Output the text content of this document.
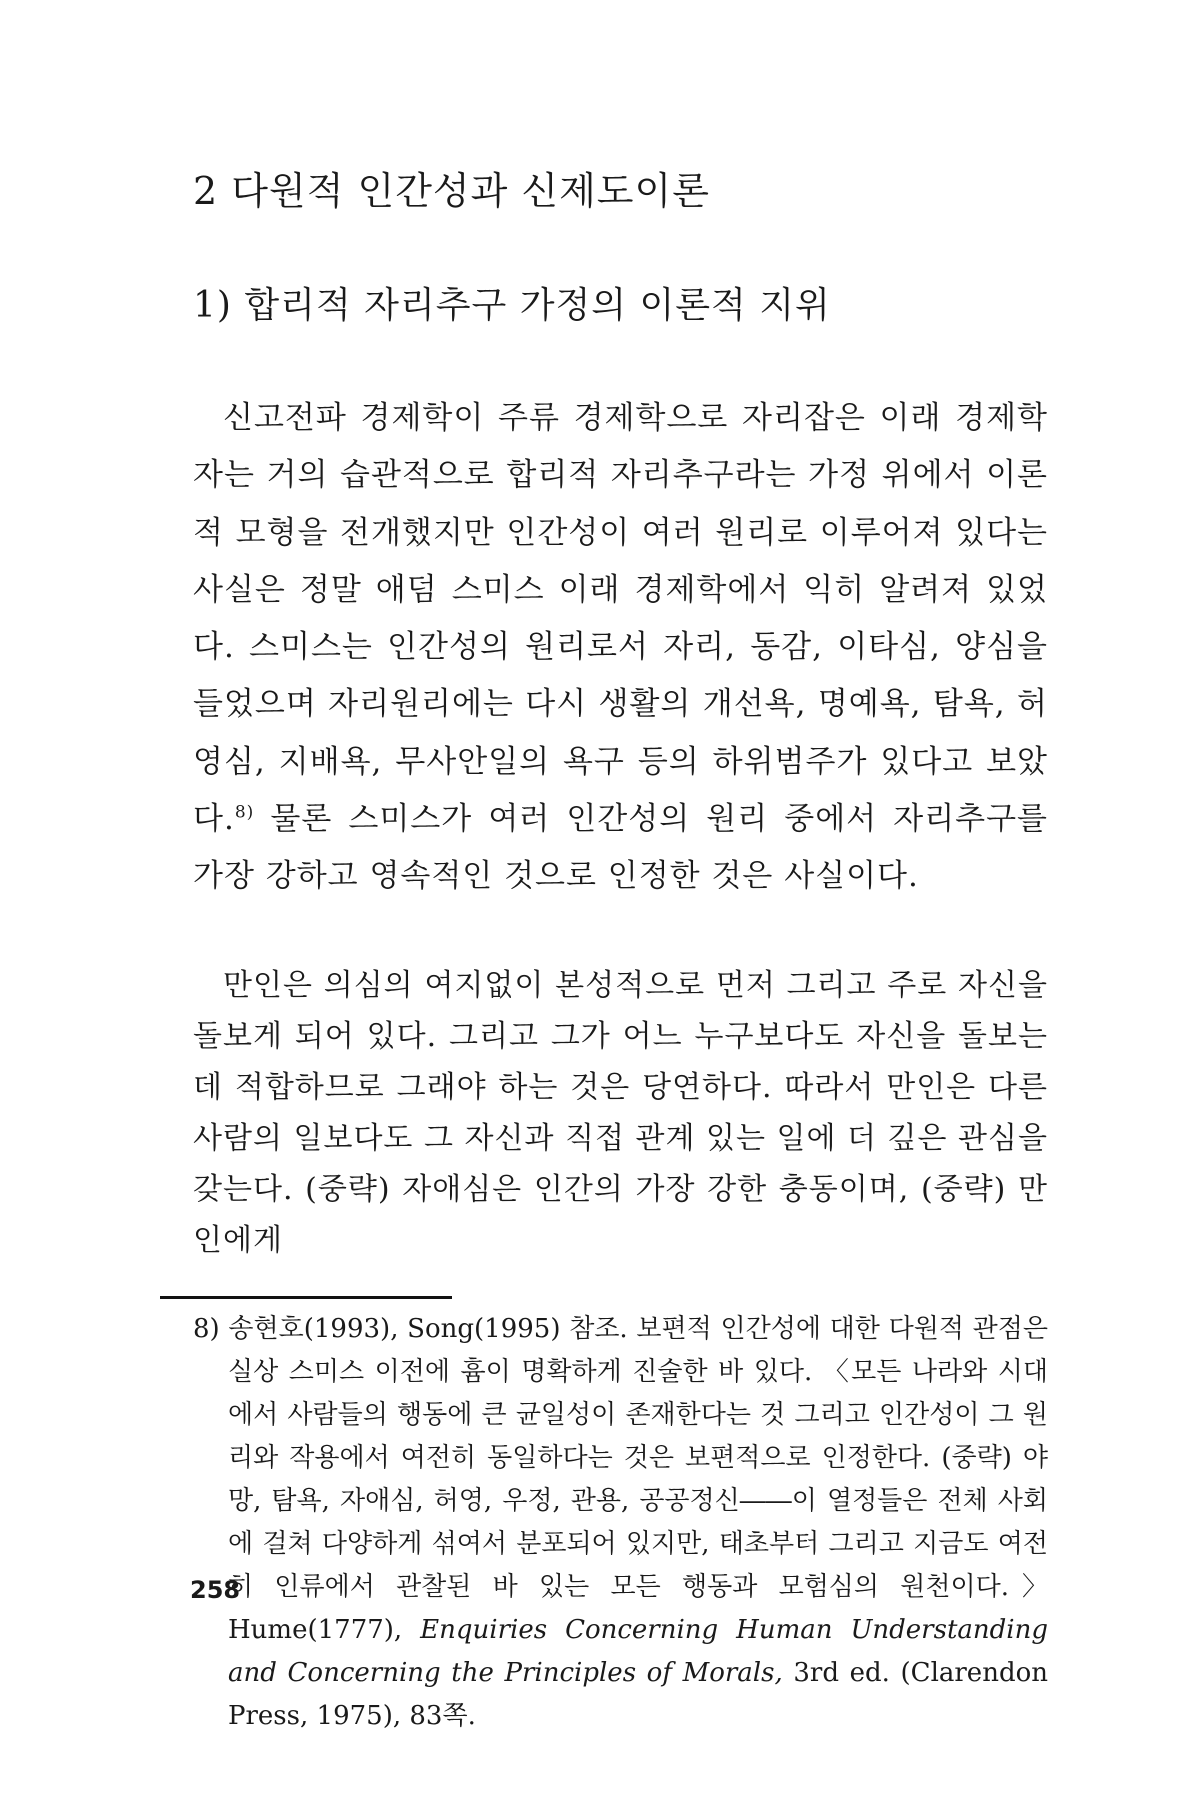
2 다원적 인간성과 신제도이론
1) 합리적 자리추구 가정의 이론적 지위

신고전파 경제학이 주류 경제학으로 자리잡은 이래 경제학자는 거의 습관적으로 합리적 자리추구라는 가정 위에서 이론적 모형을 전개했지만 인간성이 여러 원리로 이루어져 있다는 사실은 정말 애덤 스미스 이래 경제학에서 익히 알려져 있었다. 스미스는 인간성의 원리로서 자리, 동감, 이타심, 양심을 들었으며 자리원리에는 다시 생활의 개선욕, 명예욕, 탐욕, 허영심, 지배욕, 무사안일의 욕구 등의 하위범주가 있다고 보았다.$^{8)}$ 물론 스미스가 여러 인간성의 원리 중에서 자리추구를 가장 강하고 영속적인 것으로 인정한 것은 사실이다.

만인은 의심의 여지없이 본성적으로 먼저 그리고 주로 자신을 돌보게 되어 있다. 그리고 그가 어느 누구보다도 자신을 돌보는 데 적합하므로 그래야 하는 것은 당연하다. 따라서 만인은 다른 사람의 일보다도 그 자신과 직접 관계 있는 일에 더 깊은 관심을 갖는다. (중략) 자애심은 인간의 가장 강한 충동이며, (중략) 만인에게

8) 송현호(1993), Song(1995) 참조. 보편적 인간성에 대한 다원적 관점은 실상 스미스 이전에 흄이 명확하게 진술한 바 있다. 〈모든 나라와 시대에서 사람들의 행동에 큰 균일성이 존재한다는 것 그리고 인간성이 그 원리와 작용에서 여전히 동일하다는 것은 보편적으로 인정한다. (중략) 야망, 탐욕, 자애심, 허영, 우정, 관용, 공공정신――이 열정들은 전체 사회에 걸쳐 다양하게 섞여서 분포되어 있지만, 태초부터 그리고 지금도 여전히 인류에서 관찰된 바 있는 모든 행동과 모험심의 원천이다.〉 Hume(1777), Enquiries Concerning Human Understanding and Concerning the Principles of Morals, 3rd ed. (Clarendon Press, 1975), 83쪽.

258
